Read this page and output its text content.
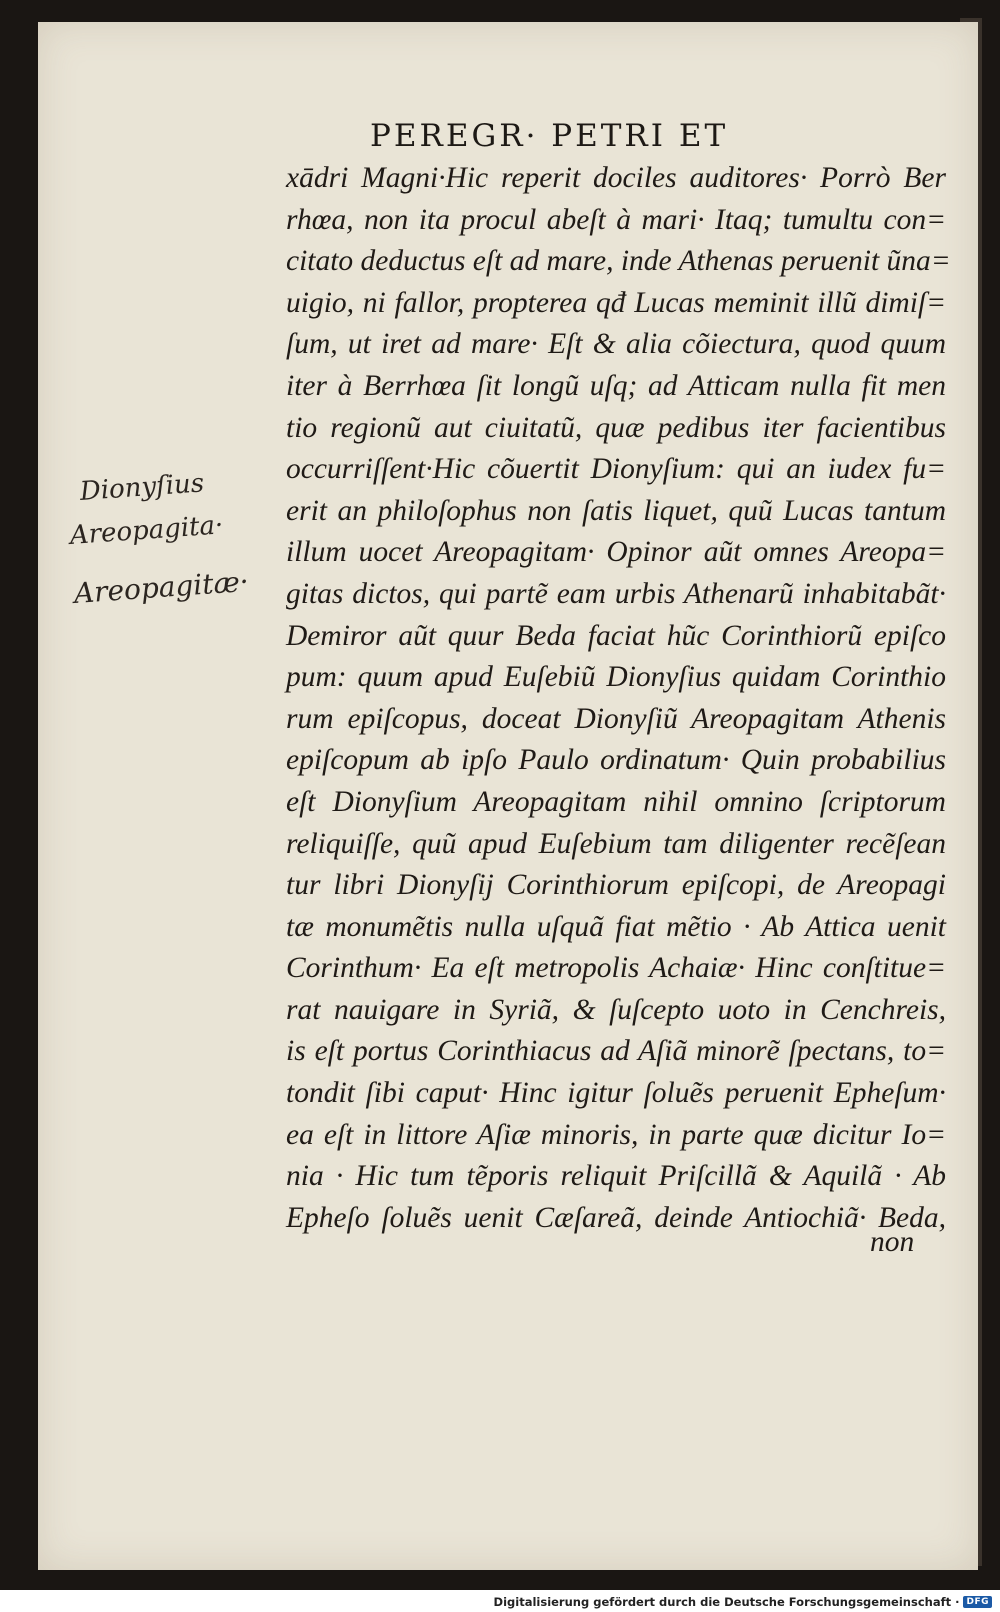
PEREGR· PETRI ET
Dionyſius
Areopagita·
Areopagitæ·
xādri Magni·Hic reperit dociles auditores· Porrò Ber
rhœa, non ita procul abeſt à mari· Itaq; tumultu con=
citato deductus eſt ad mare, inde Athenas peruenit ũna=
uigio, ni fallor, propterea qđ Lucas meminit illũ dimiſ=
ſum, ut iret ad mare· Eſt & alia cõiectura, quod quum
iter à Berrhœa ſit longũ uſq; ad Atticam nulla fit men
tio regionũ aut ciuitatũ, quæ pedibus iter facientibus
occurriſſent·Hic cõuertit Dionyſium: qui an iudex fu=
erit an philoſophus non ſatis liquet, quũ Lucas tantum
illum uocet Areopagitam· Opinor aũt omnes Areopa=
gitas dictos, qui partẽ eam urbis Athenarũ inhabitabãt·
Demiror aũt quur Beda faciat hũc Corinthiorũ epiſco
pum: quum apud Euſebiũ Dionyſius quidam Corinthio
rum epiſcopus, doceat Dionyſiũ Areopagitam Athenis
epiſcopum ab ipſo Paulo ordinatum· Quin probabilius
eſt Dionyſium Areopagitam nihil omnino ſcriptorum
reliquiſſe, quũ apud Euſebium tam diligenter recẽſean
tur libri Dionyſij Corinthiorum epiſcopi, de Areopagi
tæ monumẽtis nulla uſquã fiat mẽtio · Ab Attica uenit
Corinthum· Ea eſt metropolis Achaiæ· Hinc conſtitue=
rat nauigare in Syriã, & ſuſcepto uoto in Cenchreis,
is eſt portus Corinthiacus ad Aſiã minorẽ ſpectans, to=
tondit ſibi caput· Hinc igitur ſoluẽs peruenit Epheſum·
ea eſt in littore Aſiæ minoris, in parte quæ dicitur Io=
nia · Hic tum tẽporis reliquit Priſcillã & Aquilã · Ab
Epheſo ſoluẽs uenit Cæſareã, deinde Antiochiã· Beda,
non
Digitalisierung gefördert durch die Deutsche Forschungsgemeinschaft · DFG
